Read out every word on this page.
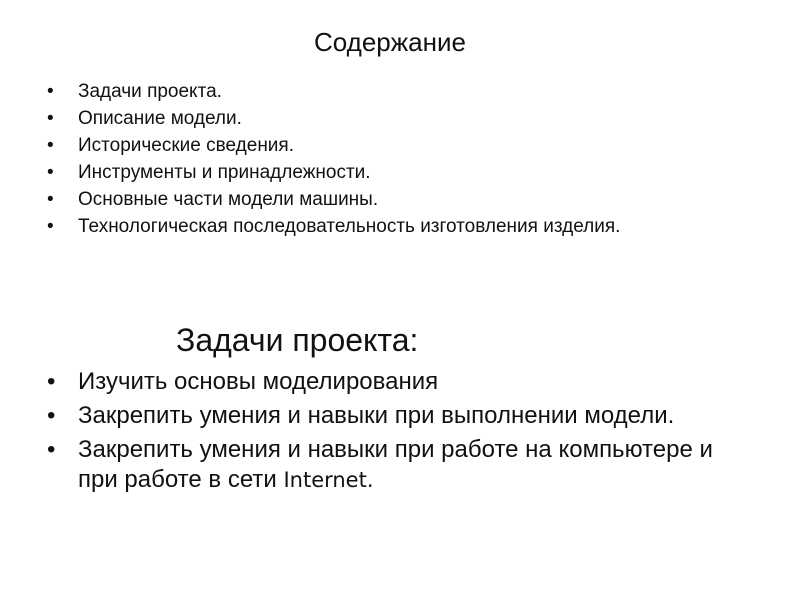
Содержание
• Задачи проекта.
• Описание модели.
• Исторические сведения.
• Инструменты и принадлежности.
• Основные части модели машины.
• Технологическая последовательность изготовления изделия.
Задачи проекта:
• Изучить основы моделирования
• Закрепить умения и навыки при выполнении модели.
• Закрепить умения и навыки при работе на компьютере и при работе в сети Internet.
